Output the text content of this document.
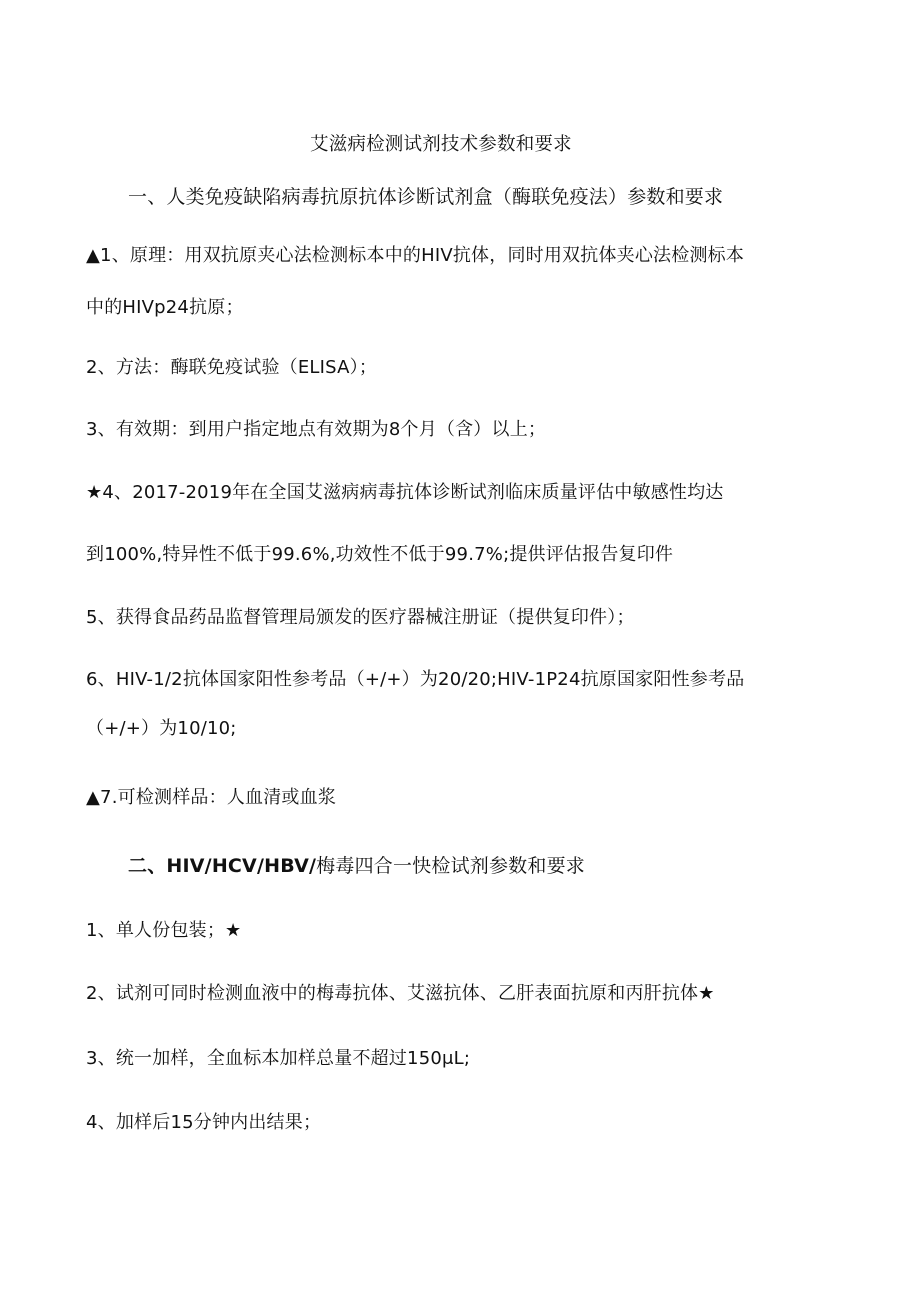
艾滋病检测试剂技术参数和要求
一、人类免疫缺陷病毒抗原抗体诊断试剂盒（酶联免疫法）参数和要求
▲1、原理：用双抗原夹心法检测标本中的HIV抗体，同时用双抗体夹心法检测标本
中的HIVp24抗原；
2、方法：酶联免疫试验（ELISA）；
3、有效期：到用户指定地点有效期为8个月（含）以上；
★4、2017-2019年在全国艾滋病病毒抗体诊断试剂临床质量评估中敏感性均达
到100%,特异性不低于99.6%,功效性不低于99.7%;提供评估报告复印件
5、获得食品药品监督管理局颁发的医疗器械注册证（提供复印件）；
6、HIV-1/2抗体国家阳性参考品（+/+）为20/20;HIV-1P24抗原国家阳性参考品
（+/+）为10/10;
▲7.可检测样品：人血清或血浆
二、HIV/HCV/HBV/梅毒四合一快检试剂参数和要求
1、单人份包装；★
2、试剂可同时检测血液中的梅毒抗体、艾滋抗体、乙肝表面抗原和丙肝抗体★
3、统一加样，全血标本加样总量不超过150μL;
4、加样后15分钟内出结果；
